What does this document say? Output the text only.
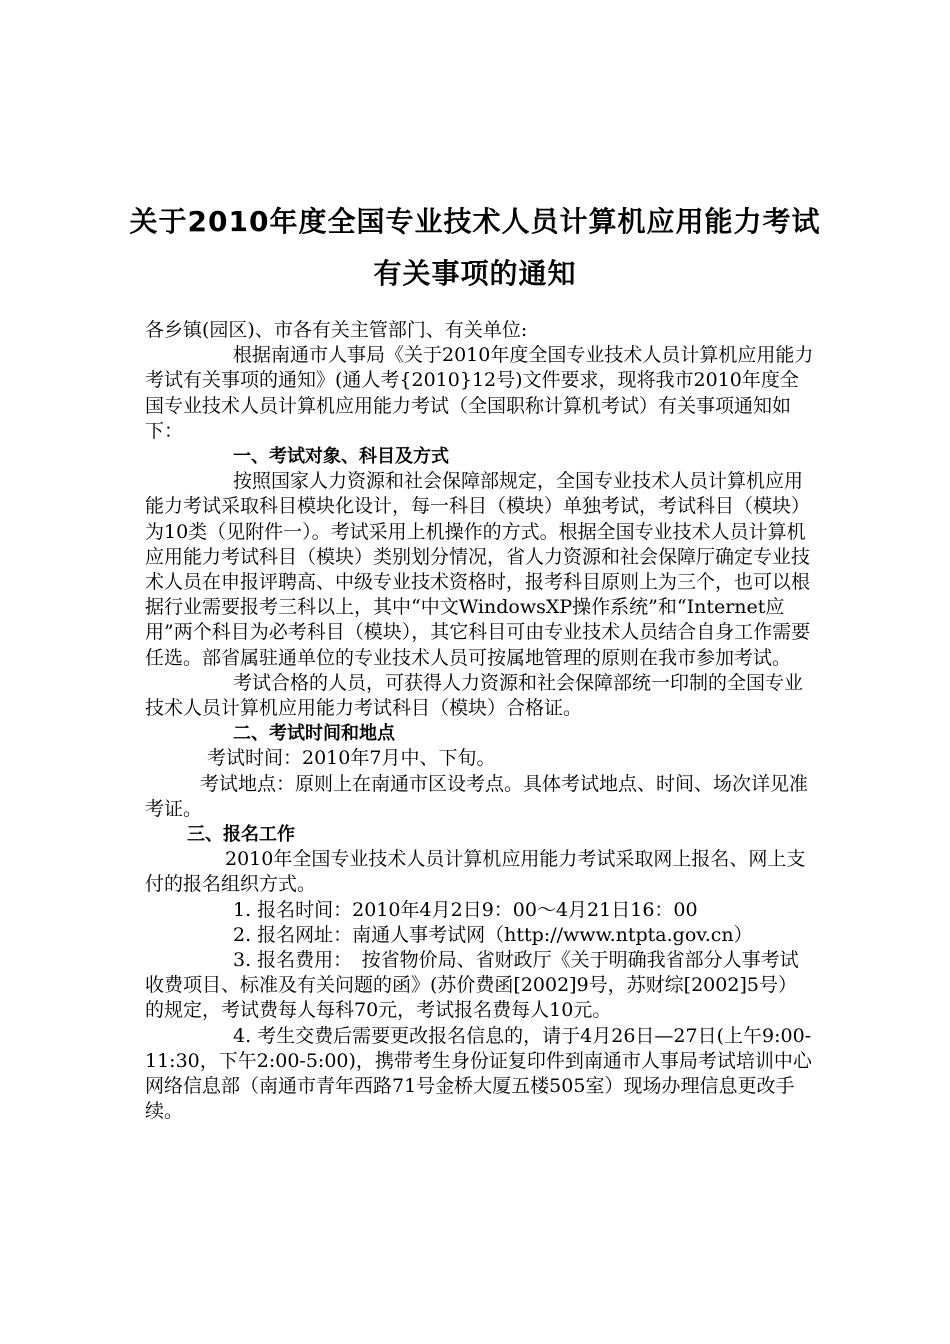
关于2010年度全国专业技术人员计算机应用能力考试
有关事项的通知

各乡镇(园区)、市各有关主管部门、有关单位:

根据南通市人事局《关于2010年度全国专业技术人员计算机应用能力考试有关事项的通知》(通人考{2010}12号)文件要求，现将我市2010年度全国专业技术人员计算机应用能力考试（全国职称计算机考试）有关事项通知如下：

一、考试对象、科目及方式

按照国家人力资源和社会保障部规定，全国专业技术人员计算机应用能力考试采取科目模块化设计，每一科目（模块）单独考试，考试科目（模块）为10类（见附件一）。考试采用上机操作的方式。根据全国专业技术人员计算机应用能力考试科目（模块）类别划分情况，省人力资源和社会保障厅确定专业技术人员在申报评聘高、中级专业技术资格时，报考科目原则上为三个，也可以根据行业需要报考三科以上，其中“中文WindowsXP操作系统”和“Internet应用”两个科目为必考科目（模块），其它科目可由专业技术人员结合自身工作需要任选。部省属驻通单位的专业技术人员可按属地管理的原则在我市参加考试。

考试合格的人员，可获得人力资源和社会保障部统一印制的全国专业技术人员计算机应用能力考试科目（模块）合格证。

二、考试时间和地点

考试时间：2010年7月中、下旬。

考试地点：原则上在南通市区设考点。具体考试地点、时间、场次详见准考证。

三、报名工作

2010年全国专业技术人员计算机应用能力考试采取网上报名、网上支付的报名组织方式。

1. 报名时间：2010年4月2日9：00～4月21日16：00

2. 报名网址：南通人事考试网（http://www.ntpta.gov.cn）

3. 报名费用：　按省物价局、省财政厅《关于明确我省部分人事考试收费项目、标准及有关问题的函》(苏价费函[2002]9号，苏财综[2002]5号）的规定，考试费每人每科70元，考试报名费每人10元。

4. 考生交费后需要更改报名信息的，请于4月26日—27日(上午9:00-11:30，下午2:00-5:00)，携带考生身份证复印件到南通市人事局考试培训中心网络信息部（南通市青年西路71号金桥大厦五楼505室）现场办理信息更改手续。
